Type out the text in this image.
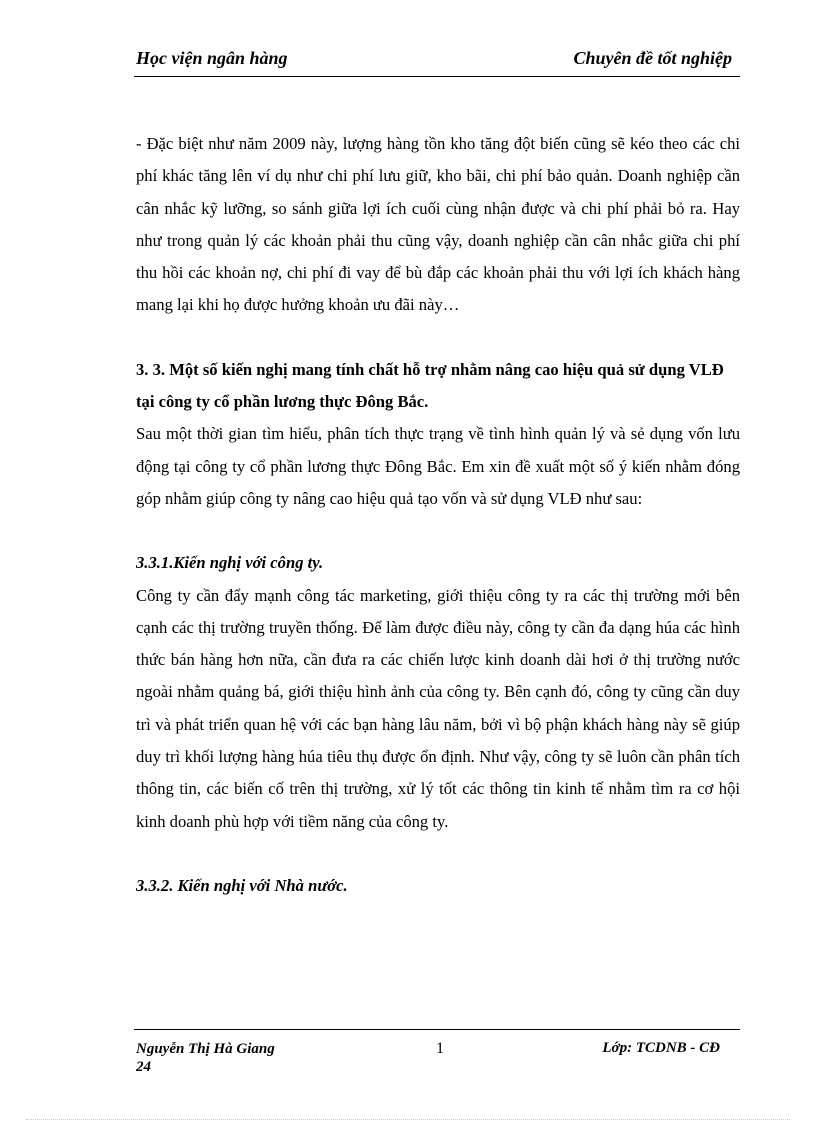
Học viện ngân hàng	Chuyên đề tốt nghiệp

- Đặc biệt như năm 2009 này, lượng hàng tồn kho tăng đột biến cũng sẽ kéo theo các chi phí khác tăng lên ví dụ như chi phí lưu giữ, kho bãi, chi phí bảo quản. Doanh nghiệp cần cân nhắc kỹ lưỡng, so sánh giữa lợi ích cuối cùng nhận được và chi phí phải bỏ ra. Hay như trong quản lý các khoản phải thu cũng vậy, doanh nghiệp cần cân nhắc giữa chi phí thu hồi các khoản nợ, chi phí đi vay để bù đắp các khoản phải thu với lợi ích khách hàng mang lại khi họ được hưởng khoản ưu đãi này…

3. 3. Một số kiến nghị mang tính chất hỗ trợ nhằm nâng cao hiệu quả sử dụng VLĐ tại công ty cổ phần lương thực Đông Bắc.

Sau một thời gian tìm hiểu, phân tích thực trạng về tình hình quản lý và sẻ dụng vốn lưu động tại công ty cổ phần lương thực Đông Bắc. Em xin đề xuất một số ý kiến nhằm đóng góp nhằm giúp công ty nâng cao hiệu quả tạo vốn và sử dụng VLĐ như sau:

3.3.1.Kiến nghị với công ty.

Công ty cần đẩy mạnh công tác marketing, giới thiệu công ty ra các thị trường mới bên cạnh các thị trường truyền thống. Để làm được điều này, công ty cần đa dạng húa các hình thức bán hàng hơn nữa, cần đưa ra các chiến lược kinh doanh dài hơi ở thị trường nước ngoài nhằm quảng bá, giới thiệu hình ảnh của công ty. Bên cạnh đó, công ty cũng cần duy trì và phát triển quan hệ với các bạn hàng lâu năm, bởi vì bộ phận khách hàng này sẽ giúp duy trì khối lượng hàng húa tiêu thụ được ổn định. Như vậy, công ty sẽ luôn cần phân tích thông tin, các biến cố trên thị trường, xử lý tốt các thông tin kinh tế nhằm tìm ra cơ hội kinh doanh phù hợp với tiềm năng của công ty.

3.3.2. Kiến nghị với Nhà nước.

Nguyễn Thị Hà Giang
24
1	Lớp: TCDNB - CĐ
